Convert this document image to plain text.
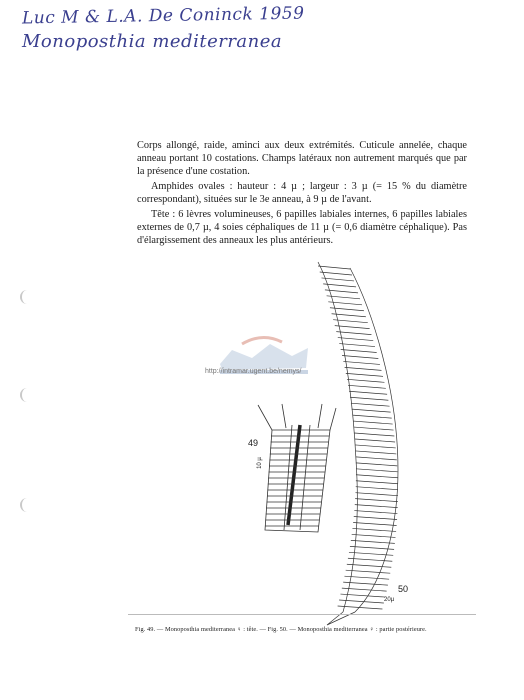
Luc M & L.A. De Coninck 1959
Monoposthia mediterranea

Corps allongé, raide, aminci aux deux extrémités. Cuticule annelée, chaque anneau portant 10 costations. Champs latéraux non autrement marqués que par la présence d'une costation.

Amphides ovales : hauteur : 4 µ ; largeur : 3 µ (= 15 % du diamètre correspondant), situées sur le 3e anneau, à 9 µ de l'avant.

Tête : 6 lèvres volumineuses, 6 papilles labiales internes, 6 papilles labiales externes de 0,7 µ, 4 soies céphaliques de 11 µ (= 0,6 diamètre céphalique). Pas d'élargissement des anneaux les plus antérieurs.

http://intramar.ugent.be/nemys/
49
50
10 µ
20µ
Fig. 49. — Monoposthia mediterranea ♀ : tête. — Fig. 50. — Monoposthia mediterranea ♀ : partie postérieure.
